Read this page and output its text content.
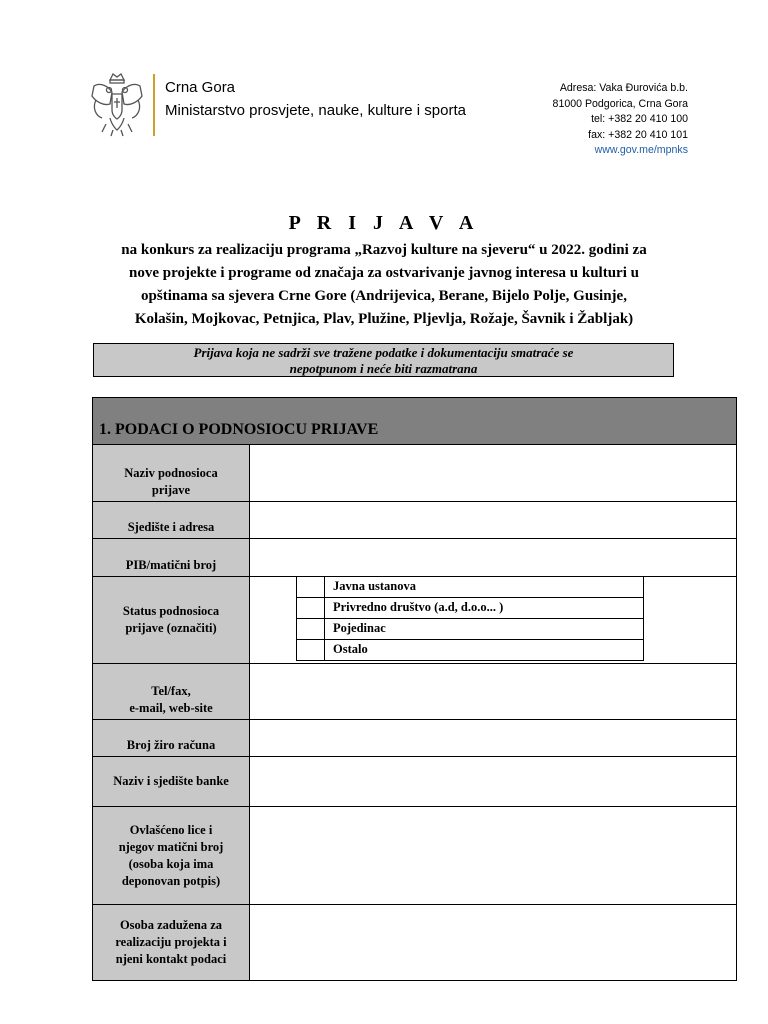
Crna Gora
Ministarstvo prosvjete, nauke, kulture i sporta
Adresa: Vaka Đurovića b.b.
81000 Podgorica, Crna Gora
tel: +382 20 410 100
fax: +382 20 410 101
www.gov.me/mpnks
P R I J A V A
na konkurs za realizaciju programa „Razvoj kulture na sjeveru“ u 2022. godini za
nove projekte i programe od značaja za ostvarivanje javnog interesa u kulturi u
opštinama sa sjevera Crne Gore (Andrijevica, Berane, Bijelo Polje, Gusinje,
Kolašin, Mojkovac, Petnjica, Plav, Plužine, Pljevlja, Rožaje, Šavnik i Žabljak)
Prijava koja ne sadrži sve tražene podatke i dokumentaciju smatraće se
nepotpunom i neće biti razmatrana
1. PODACI O PODNOSIOCU PRIJAVE
Naziv podnosioca
prijave
Sjedište i adresa
PIB/matični broj
Status podnosioca
prijave (označiti)
Javna ustanova
Privredno društvo (a.d, d.o.o... )
Pojedinac
Ostalo
Tel/fax,
e-mail, web-site
Broj žiro računa
Naziv i sjedište banke
Ovlašćeno lice i
njegov matični broj
(osoba koja ima
deponovan potpis)
Osoba zadužena za
realizaciju projekta i
njeni kontakt podaci
